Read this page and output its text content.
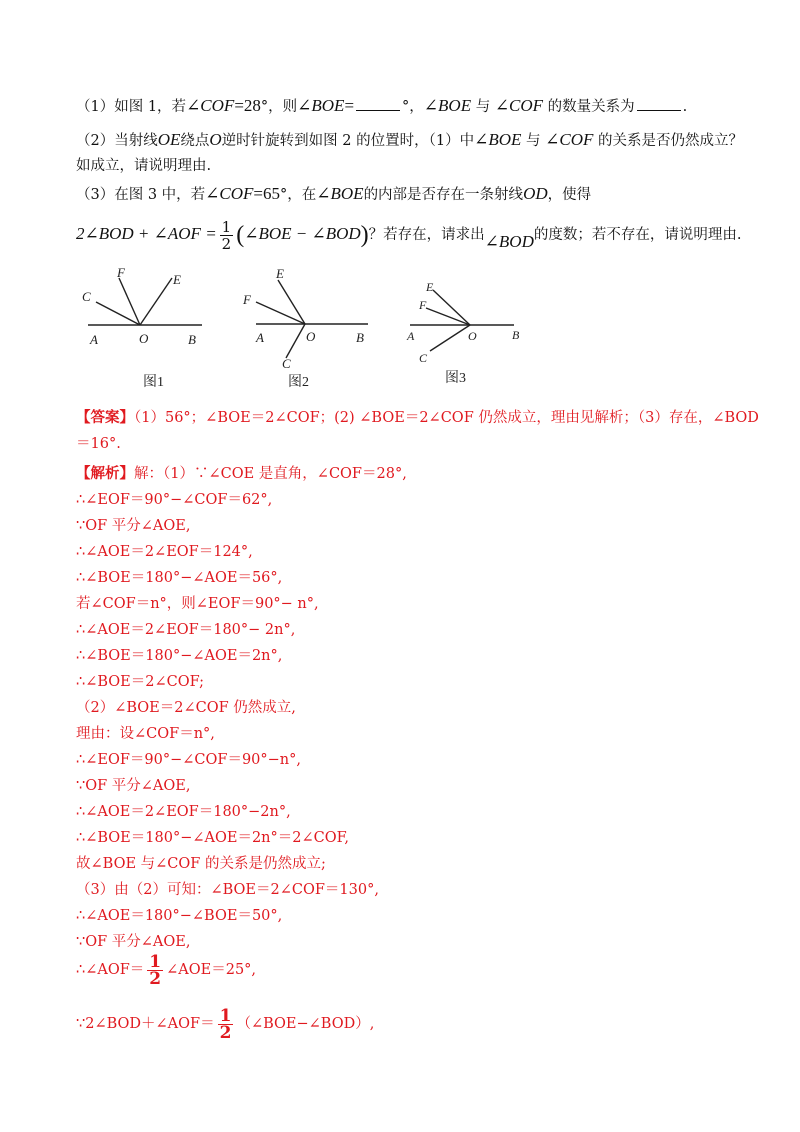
（1）如图 1，若∠COF=28°，则∠BOE=	°，∠BOE 与 ∠COF 的数量关系为	.
（2）当射线OE绕点O逆时针旋转到如图 2 的位置时，（1）中∠BOE 与 ∠COF 的关系是否仍然成立？
如成立，请说明理由.
（3）在图 3 中，若∠COF=65°，在∠BOE的内部是否存在一条射线OD，使得
2∠BOD + ∠AOF = $\frac{1}{2}$ (∠BOE − ∠BOD)？若存在，请求出∠BOD的度数；若不存在，请说明理由.
A	B
O
C
F	E
图1
A	B
O
C
F
E
图2
A	B
O
C
F
E
图3
【答案】（1）56°；∠BOE＝2∠COF；(2) ∠BOE＝2∠COF 仍然成立，理由见解析；（3）存在，∠BOD
＝16°.
【解析】解：（1）∵∠COE 是直角，∠COF＝28°,
∴∠EOF＝90°−∠COF＝62°,
∵OF 平分∠AOE,
∴∠AOE＝2∠EOF＝124°,
∴∠BOE＝180°−∠AOE＝56°,
若∠COF＝n°，则∠EOF＝90°− n°,
∴∠AOE＝2∠EOF＝180°− 2n°,
∴∠BOE＝180°−∠AOE＝2n°,
∴∠BOE＝2∠COF;
（2）∠BOE＝2∠COF 仍然成立,
理由：设∠COF＝n°,
∴∠EOF＝90°−∠COF＝90°−n°,
∵OF 平分∠AOE,
∴∠AOE＝2∠EOF＝180°−2n°,
∴∠BOE＝180°−∠AOE＝2n°＝2∠COF,
故∠BOE 与∠COF 的关系是仍然成立;
（3）由（2）可知：∠BOE＝2∠COF＝130°,
∴∠AOE＝180°−∠BOE＝50°,
∵OF 平分∠AOE,
∴∠AOF＝ $\frac{1}{2}$ ∠AOE＝25°,
∵2∠BOD＋∠AOF＝ $\frac{1}{2}$ （∠BOE−∠BOD）,
